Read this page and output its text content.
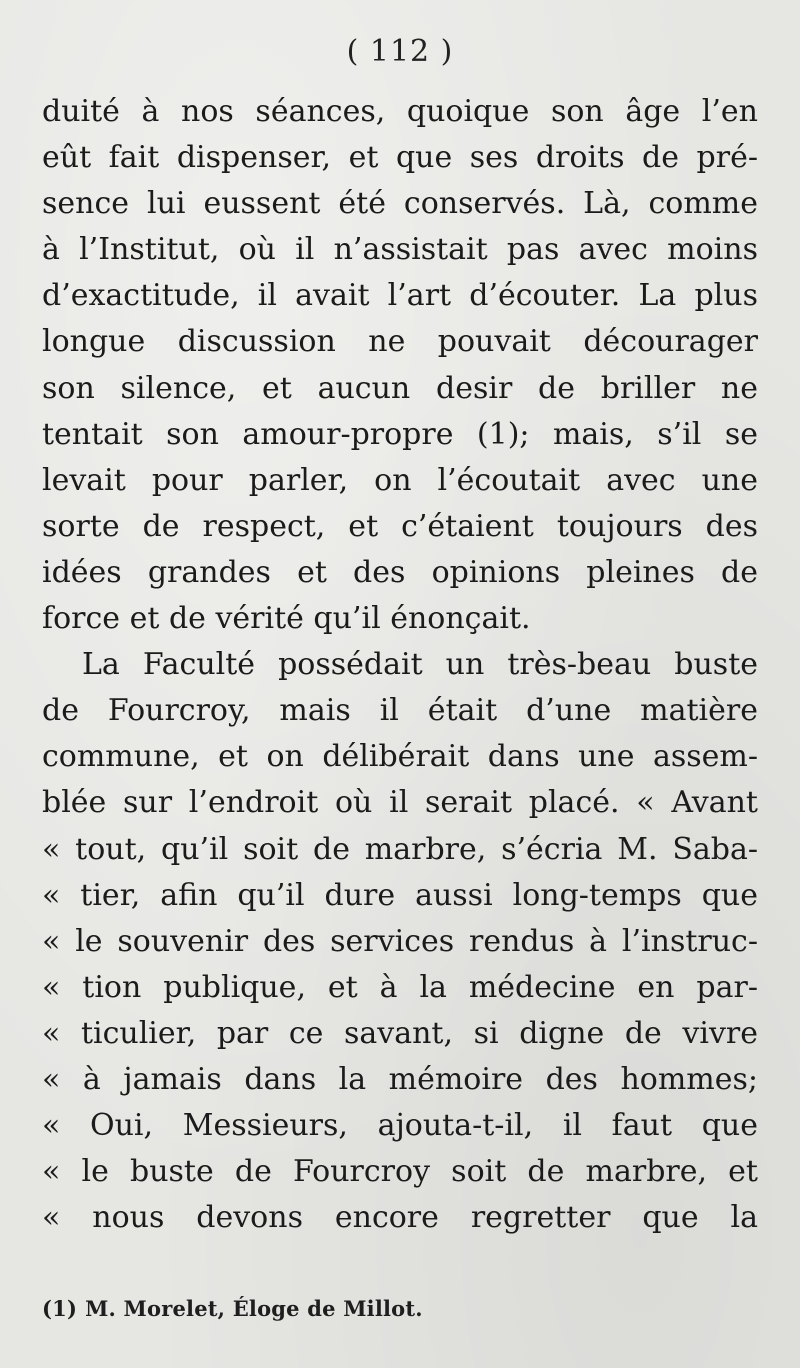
( 112 )
duité à nos séances, quoique son âge l’en
eût fait dispenser, et que ses droits de pré-
sence lui eussent été conservés. Là, comme
à l’Institut, où il n’assistait pas avec moins
d’exactitude, il avait l’art d’écouter. La plus
longue discussion ne pouvait décourager
son silence, et aucun desir de briller ne
tentait son amour-propre (1); mais, s’il se
levait pour parler, on l’écoutait avec une
sorte de respect, et c’étaient toujours des
idées grandes et des opinions pleines de
force et de vérité qu’il énonçait.
La Faculté possédait un très-beau buste
de Fourcroy, mais il était d’une matière
commune, et on délibérait dans une assem-
blée sur l’endroit où il serait placé. « Avant
« tout, qu’il soit de marbre, s’écria M. Saba-
« tier, afin qu’il dure aussi long-temps que
« le souvenir des services rendus à l’instruc-
« tion publique, et à la médecine en par-
« ticulier, par ce savant, si digne de vivre
« à jamais dans la mémoire des hommes;
« Oui, Messieurs, ajouta-t-il, il faut que
« le buste de Fourcroy soit de marbre, et
« nous devons encore regretter que la
(1) M. Morelet, Éloge de Millot.
